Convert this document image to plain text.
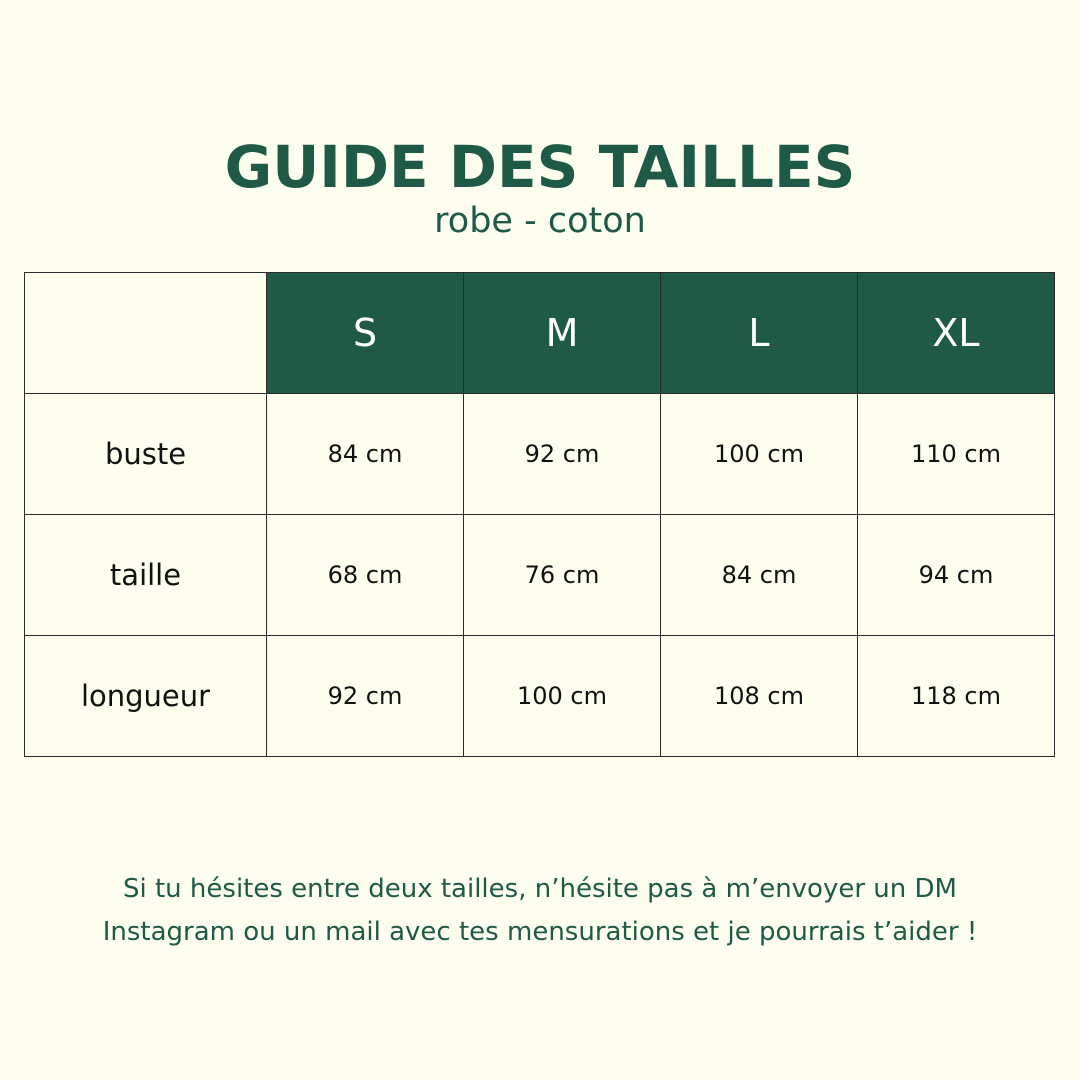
GUIDE DES TAILLES
robe - coton
	S	M	L	XL
buste	84 cm	92 cm	100 cm	110 cm
taille	68 cm	76 cm	84 cm	94 cm
longueur	92 cm	100 cm	108 cm	118 cm
Si tu hésites entre deux tailles, n’hésite pas à m’envoyer un DM
Instagram ou un mail avec tes mensurations et je pourrais t’aider !
